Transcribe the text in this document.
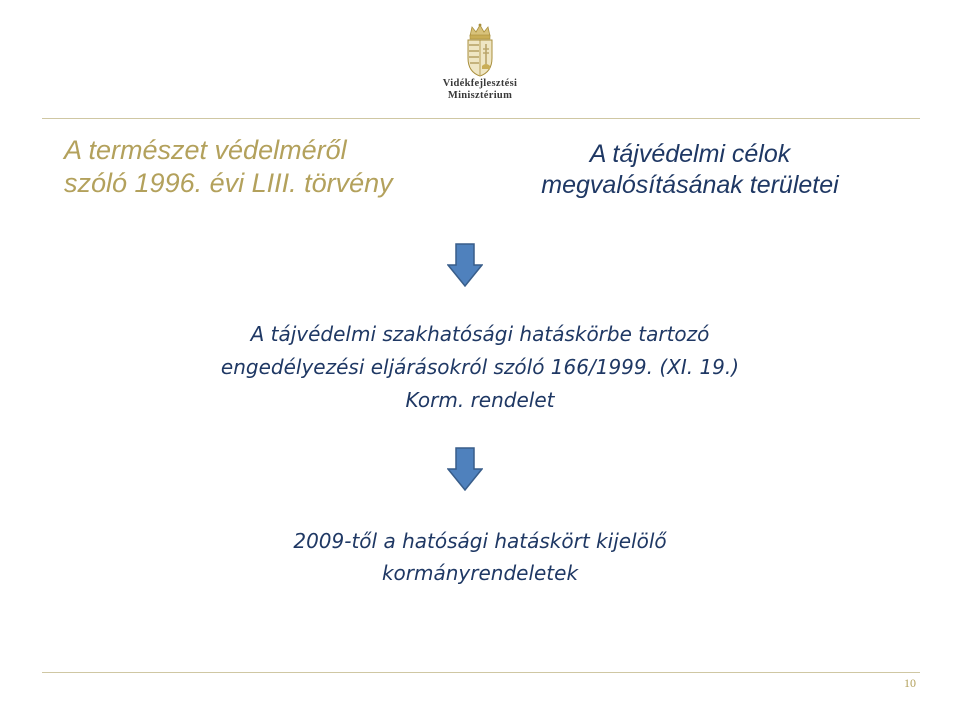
Vidékfejlesztési
Minisztérium
A természet védelméről
szóló 1996. évi LIII. törvény
A tájvédelmi célok
megvalósításának területei
A tájvédelmi szakhatósági hatáskörbe tartozó engedélyezési eljárásokról szóló 166/1999. (XI. 19.) Korm. rendelet
2009-től a hatósági hatáskört kijelölő
kormányrendeletek
10
